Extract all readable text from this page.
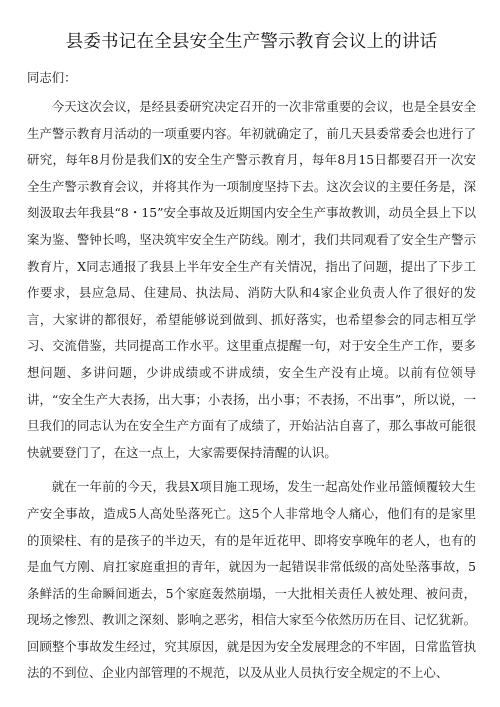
县委书记在全县安全生产警示教育会议上的讲话

同志们：

今天这次会议，是经县委研究决定召开的一次非常重要的会议，也是全县安全生产警示教育月活动的一项重要内容。年初就确定了，前几天县委常委会也进行了研究，每年8月份是我们X的安全生产警示教育月，每年8月15日都要召开一次安全生产警示教育会议，并将其作为一项制度坚持下去。这次会议的主要任务是，深刻汲取去年我县“8・15”安全事故及近期国内安全生产事故教训，动员全县上下以案为鉴、警钟长鸣，坚决筑牢安全生产防线。刚才，我们共同观看了安全生产警示教育片，X同志通报了我县上半年安全生产有关情况，指出了问题，提出了下步工作要求，县应急局、住建局、执法局、消防大队和4家企业负责人作了很好的发言，大家讲的都很好，希望能够说到做到、抓好落实，也希望参会的同志相互学习、交流借鉴，共同提高工作水平。这里重点提醒一句，对于安全生产工作，要多想问题、多讲问题，少讲成绩或不讲成绩，安全生产没有止境。以前有位领导讲，“安全生产大表扬，出大事；小表扬，出小事；不表扬，不出事”，所以说，一旦我们的同志认为在安全生产方面有了成绩了，开始沾沾自喜了，那么事故可能很快就要登门了，在这一点上，大家需要保持清醒的认识。

就在一年前的今天，我县X项目施工现场，发生一起高处作业吊篮倾覆较大生产安全事故，造成5人高处坠落死亡。这5个人非常地令人痛心，他们有的是家里的顶梁柱、有的是孩子的半边天，有的是年近花甲、即将安享晚年的老人，也有的是血气方刚、肩扛家庭重担的青年，就因为一起错误非常低级的高处坠落事故，5条鲜活的生命瞬间逝去，5个家庭轰然崩塌，一大批相关责任人被处理、被问责，现场之惨烈、教训之深刻、影响之恶劣，相信大家至今依然历历在目、记忆犹新。回顾整个事故发生经过，究其原因，就是因为安全发展理念的不牢固，日常监管执法的不到位、企业内部管理的不规范，以及从业人员执行安全规定的不上心、
